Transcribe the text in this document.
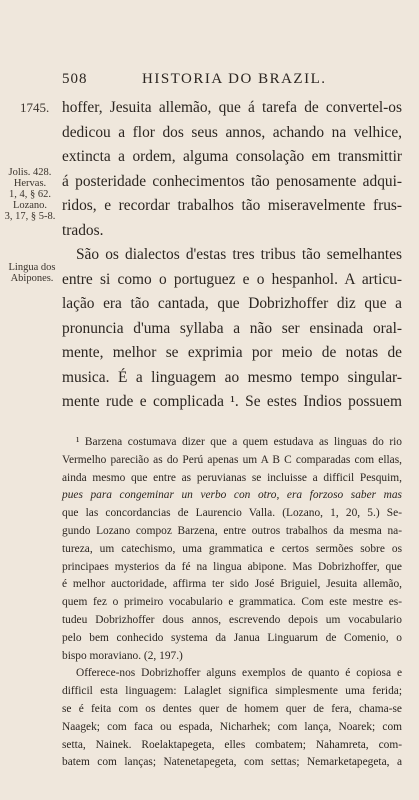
508	HISTORIA DO BRAZIL.
1745.
Jolis. 428.
Hervas.
1, 4, § 62.
Lozano.
3, 17, § 5-8.
Lingua dos
Abipones.
hoffer, Jesuita allemão, que á tarefa de convertel-os
dedicou a flor dos seus annos, achando na velhice,
extincta a ordem, alguma consolação em transmittir
á posteridade conhecimentos tão penosamente adqui-
ridos, e recordar trabalhos tão miseravelmente frus-
trados.
São os dialectos d'estas tres tribus tão semelhantes
entre si como o portuguez e o hespanhol. A articu-
lação era tão cantada, que Dobrizhoffer diz que a
pronuncia d'uma syllaba a não ser ensinada oral-
mente, melhor se exprimia por meio de notas de
musica. É a linguagem ao mesmo tempo singular-
mente rude e complicada ¹. Se estes Indios possuem
¹ Barzena costumava dizer que a quem estudava as linguas do rio
Vermelho parecião as do Perú apenas um A B C comparadas com ellas,
ainda mesmo que entre as peruvianas se incluisse a difficil Pesquim,
pues para congeminar un verbo con otro, era forzoso saber mas
que las concordancias de Laurencio Valla. (Lozano, 1, 20, 5.) Se-
gundo Lozano compoz Barzena, entre outros trabalhos da mesma na-
tureza, um catechismo, uma grammatica e certos sermões sobre os
principaes mysterios da fé na lingua abipone. Mas Dobrizhoffer, que
é melhor auctoridade, affirma ter sido José Briguiel, Jesuita allemão,
quem fez o primeiro vocabulario e grammatica. Com este mestre es-
tudeu Dobrizhoffer dous annos, escrevendo depois um vocabulario
pelo bem conhecido systema da Janua Linguarum de Comenio, o
bispo moraviano. (2, 197.)
Offerece-nos Dobrizhoffer alguns exemplos de quanto é copiosa e
difficil esta linguagem: Lalaglet significa simplesmente uma ferida;
se é feita com os dentes quer de homem quer de fera, chama-se
Naagek; com faca ou espada, Nicharhek; com lança, Noarek; com
setta, Nainek. Roelaktapegeta, elles combatem; Nahamreta, com-
batem com lanças; Natenetapegeta, com settas; Nemarketapegeta, a
